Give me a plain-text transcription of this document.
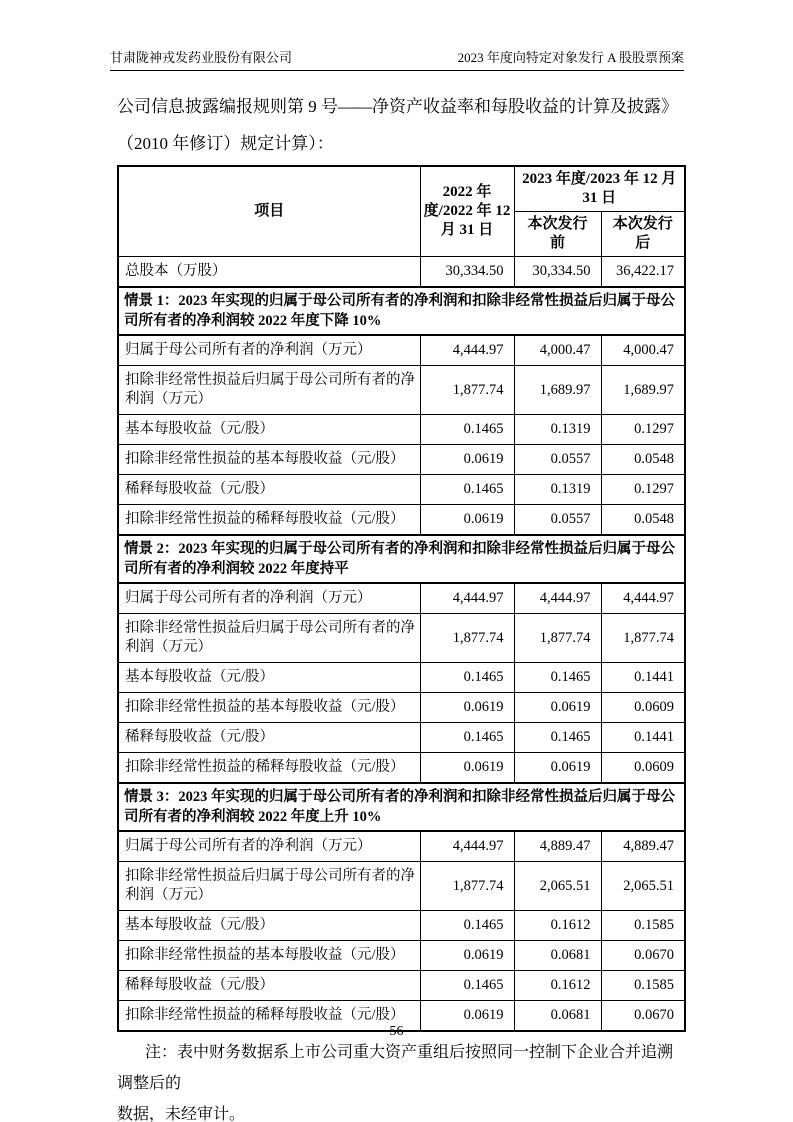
甘肃陇神戎发药业股份有限公司	2023 年度向特定对象发行 A 股股票预案
公司信息披露编报规则第 9 号——净资产收益率和每股收益的计算及披露》
（2010 年修订）规定计算）：
项目	2022 年度/2022 年 12 月 31 日	2023 年度/2023 年 12 月 31 日	
		本次发行前	本次发行后
总股本（万股）	30,334.50	30,334.50	36,422.17
情景 1：2023 年实现的归属于母公司所有者的净利润和扣除非经常性损益后归属于母公司所有者的净利润较 2022 年度下降 10%			
归属于母公司所有者的净利润（万元）	4,444.97	4,000.47	4,000.47
扣除非经常性损益后归属于母公司所有者的净利润（万元）	1,877.74	1,689.97	1,689.97
基本每股收益（元/股）	0.1465	0.1319	0.1297
扣除非经常性损益的基本每股收益（元/股）	0.0619	0.0557	0.0548
稀释每股收益（元/股）	0.1465	0.1319	0.1297
扣除非经常性损益的稀释每股收益（元/股）	0.0619	0.0557	0.0548
情景 2：2023 年实现的归属于母公司所有者的净利润和扣除非经常性损益后归属于母公司所有者的净利润较 2022 年度持平			
归属于母公司所有者的净利润（万元）	4,444.97	4,444.97	4,444.97
扣除非经常性损益后归属于母公司所有者的净利润（万元）	1,877.74	1,877.74	1,877.74
基本每股收益（元/股）	0.1465	0.1465	0.1441
扣除非经常性损益的基本每股收益（元/股）	0.0619	0.0619	0.0609
稀释每股收益（元/股）	0.1465	0.1465	0.1441
扣除非经常性损益的稀释每股收益（元/股）	0.0619	0.0619	0.0609
情景 3：2023 年实现的归属于母公司所有者的净利润和扣除非经常性损益后归属于母公司所有者的净利润较 2022 年度上升 10%			
归属于母公司所有者的净利润（万元）	4,444.97	4,889.47	4,889.47
扣除非经常性损益后归属于母公司所有者的净利润（万元）	1,877.74	2,065.51	2,065.51
基本每股收益（元/股）	0.1465	0.1612	0.1585
扣除非经常性损益的基本每股收益（元/股）	0.0619	0.0681	0.0670
稀释每股收益（元/股）	0.1465	0.1612	0.1585
扣除非经常性损益的稀释每股收益（元/股）	0.0619	0.0681	0.0670
注：表中财务数据系上市公司重大资产重组后按照同一控制下企业合并追溯调整后的
数据，未经审计。
56
